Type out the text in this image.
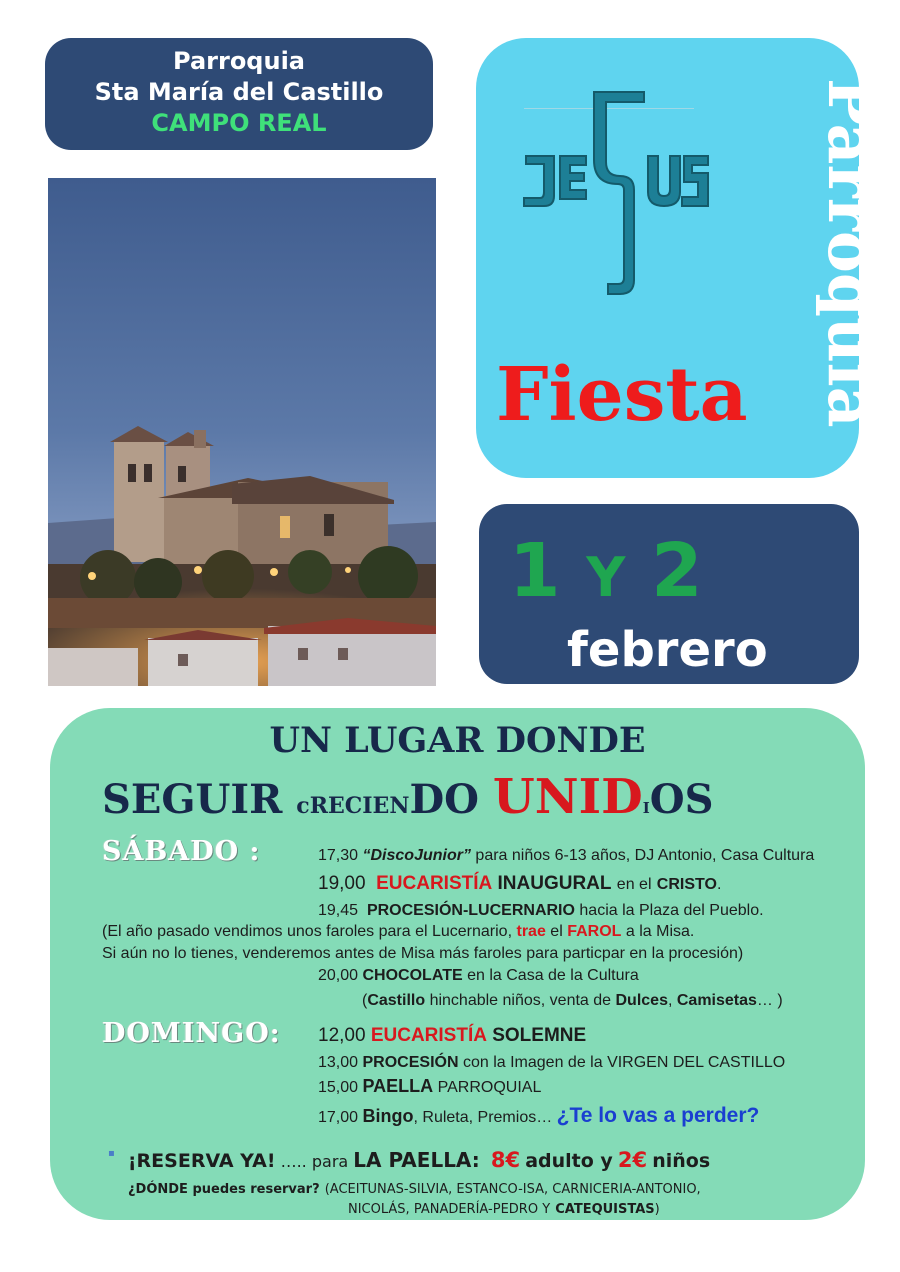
Parroquia
Sta María del Castillo
CAMPO REAL
Fiesta Parroquia
1 Y 2
febrero
UN LUGAR DONDE
SEGUIR cRECIENDO UNIDIOS
SÁBADO :	17,30 “DiscoJunior” para niños 6-13 años, DJ Antonio, Casa Cultura
19,00 EUCARISTÍA INAUGURAL en el CRISTO.
19,45 PROCESIÓN-LUCERNARIO hacia la Plaza del Pueblo.
(El año pasado vendimos unos faroles para el Lucernario, trae el FAROL a la Misa.
Si aún no lo tienes, venderemos antes de Misa más faroles para particpar en la procesión)
20,00 CHOCOLATE en la Casa de la Cultura
(Castillo hinchable niños, venta de Dulces, Camisetas… )
DOMINGO: 12,00 EUCARISTÍA SOLEMNE
13,00 PROCESIÓN con la Imagen de la VIRGEN DEL CASTILLO
15,00 PAELLA PARROQUIAL
17,00 Bingo, Ruleta, Premios… ¿Te lo vas a perder?
▪ ¡RESERVA YA! ….. para LA PAELLA: 8€ adulto y 2€ niños
¿DÓNDE puedes reservar? (ACEITUNAS-SILVIA, ESTANCO-ISA, CARNICERIA-ANTONIO,
NICOLÁS, PANADERÍA-PEDRO Y CATEQUISTAS)
